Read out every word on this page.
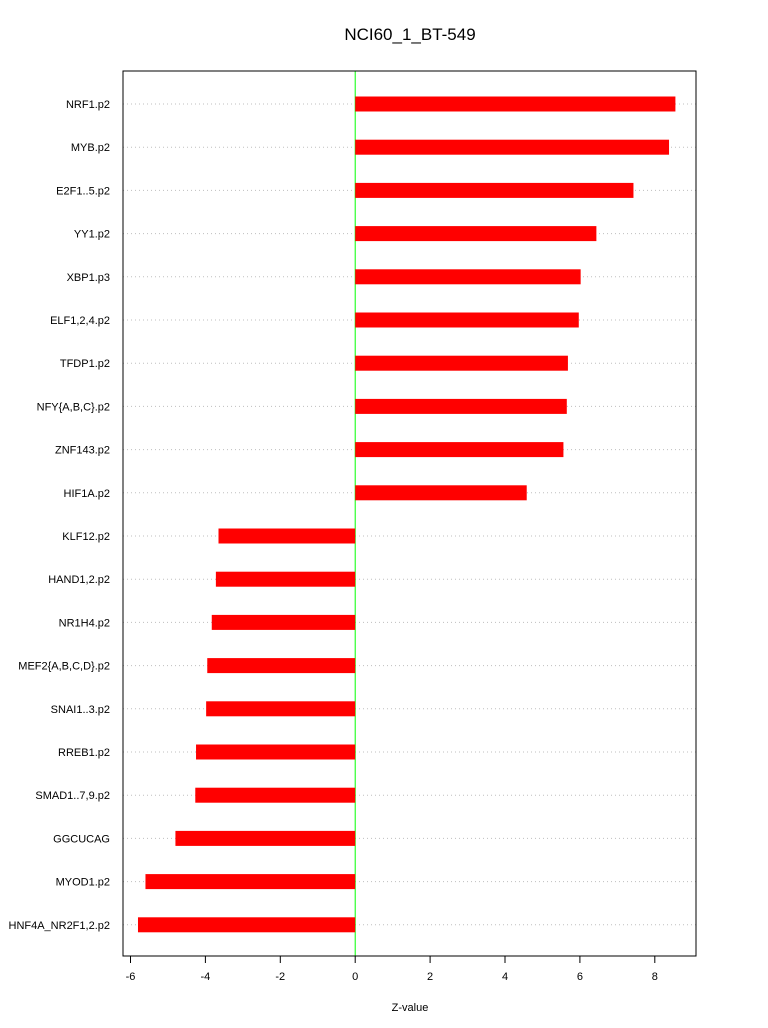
NCI60_1_BT-549
NRF1.p2
MYB.p2
E2F1..5.p2
YY1.p2
XBP1.p3
ELF1,2,4.p2
TFDP1.p2
NFY{A,B,C}.p2
ZNF143.p2
HIF1A.p2
KLF12.p2
HAND1,2.p2
NR1H4.p2
MEF2{A,B,C,D}.p2
SNAI1..3.p2
RREB1.p2
SMAD1..7,9.p2
GGCUCAG
MYOD1.p2
HNF4A_NR2F1,2.p2
-6	-4	-2	0	2	4	6	8
Z-value
